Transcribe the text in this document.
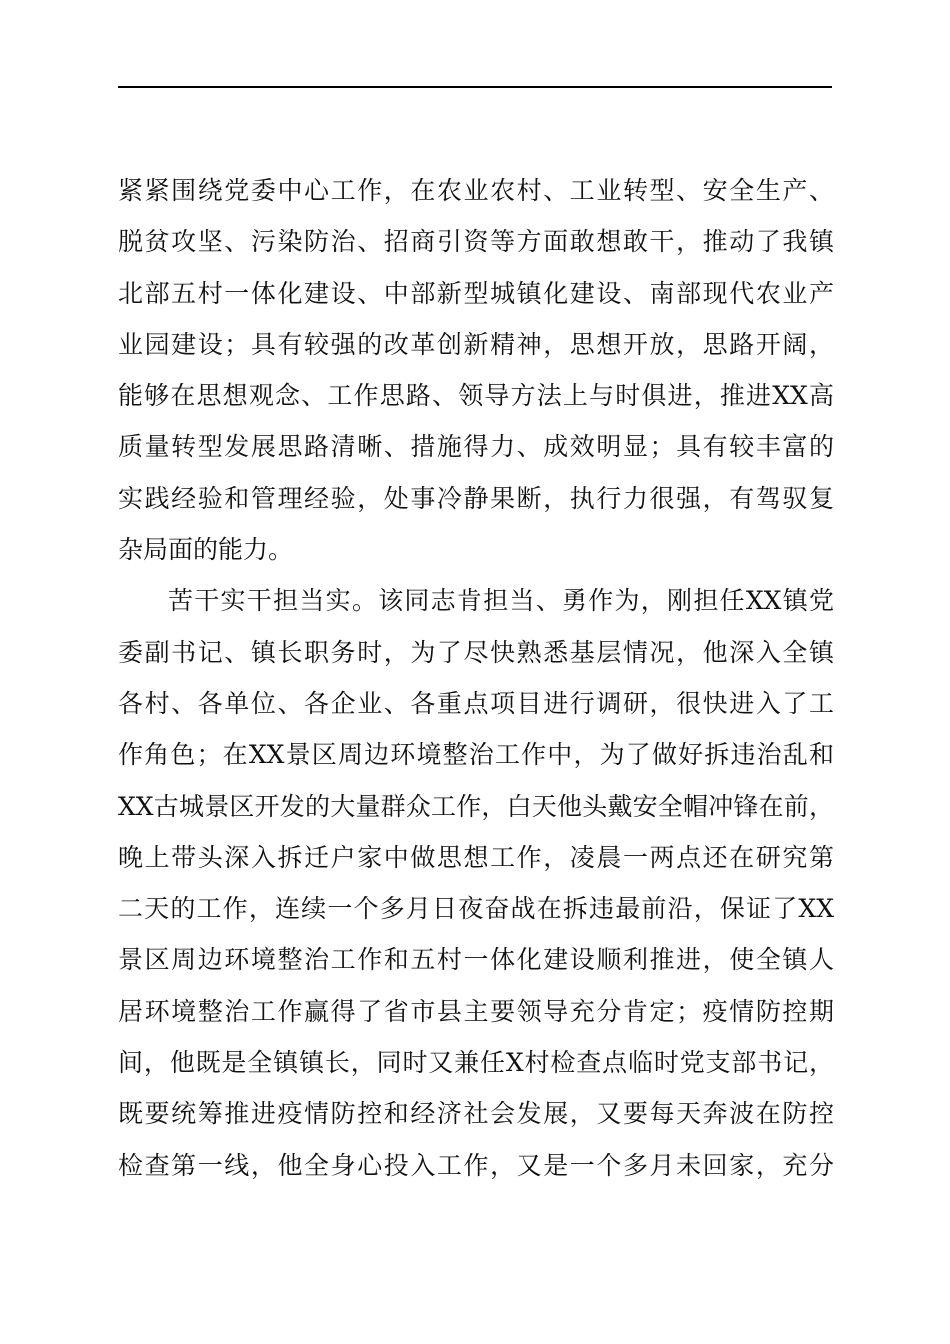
紧紧围绕党委中心工作，在农业农村、工业转型、安全生产、
脱贫攻坚、污染防治、招商引资等方面敢想敢干，推动了我镇
北部五村一体化建设、中部新型城镇化建设、南部现代农业产
业园建设；具有较强的改革创新精神，思想开放，思路开阔，
能够在思想观念、工作思路、领导方法上与时俱进，推进XX高
质量转型发展思路清晰、措施得力、成效明显；具有较丰富的
实践经验和管理经验，处事冷静果断，执行力很强，有驾驭复
杂局面的能力。
苦干实干担当实。该同志肯担当、勇作为，刚担任XX镇党
委副书记、镇长职务时，为了尽快熟悉基层情况，他深入全镇
各村、各单位、各企业、各重点项目进行调研，很快进入了工
作角色；在XX景区周边环境整治工作中，为了做好拆违治乱和
XX古城景区开发的大量群众工作，白天他头戴安全帽冲锋在前，
晚上带头深入拆迁户家中做思想工作，凌晨一两点还在研究第
二天的工作，连续一个多月日夜奋战在拆违最前沿，保证了XX
景区周边环境整治工作和五村一体化建设顺利推进，使全镇人
居环境整治工作赢得了省市县主要领导充分肯定；疫情防控期
间，他既是全镇镇长，同时又兼任X村检查点临时党支部书记，
既要统筹推进疫情防控和经济社会发展，又要每天奔波在防控
检查第一线，他全身心投入工作，又是一个多月未回家，充分
